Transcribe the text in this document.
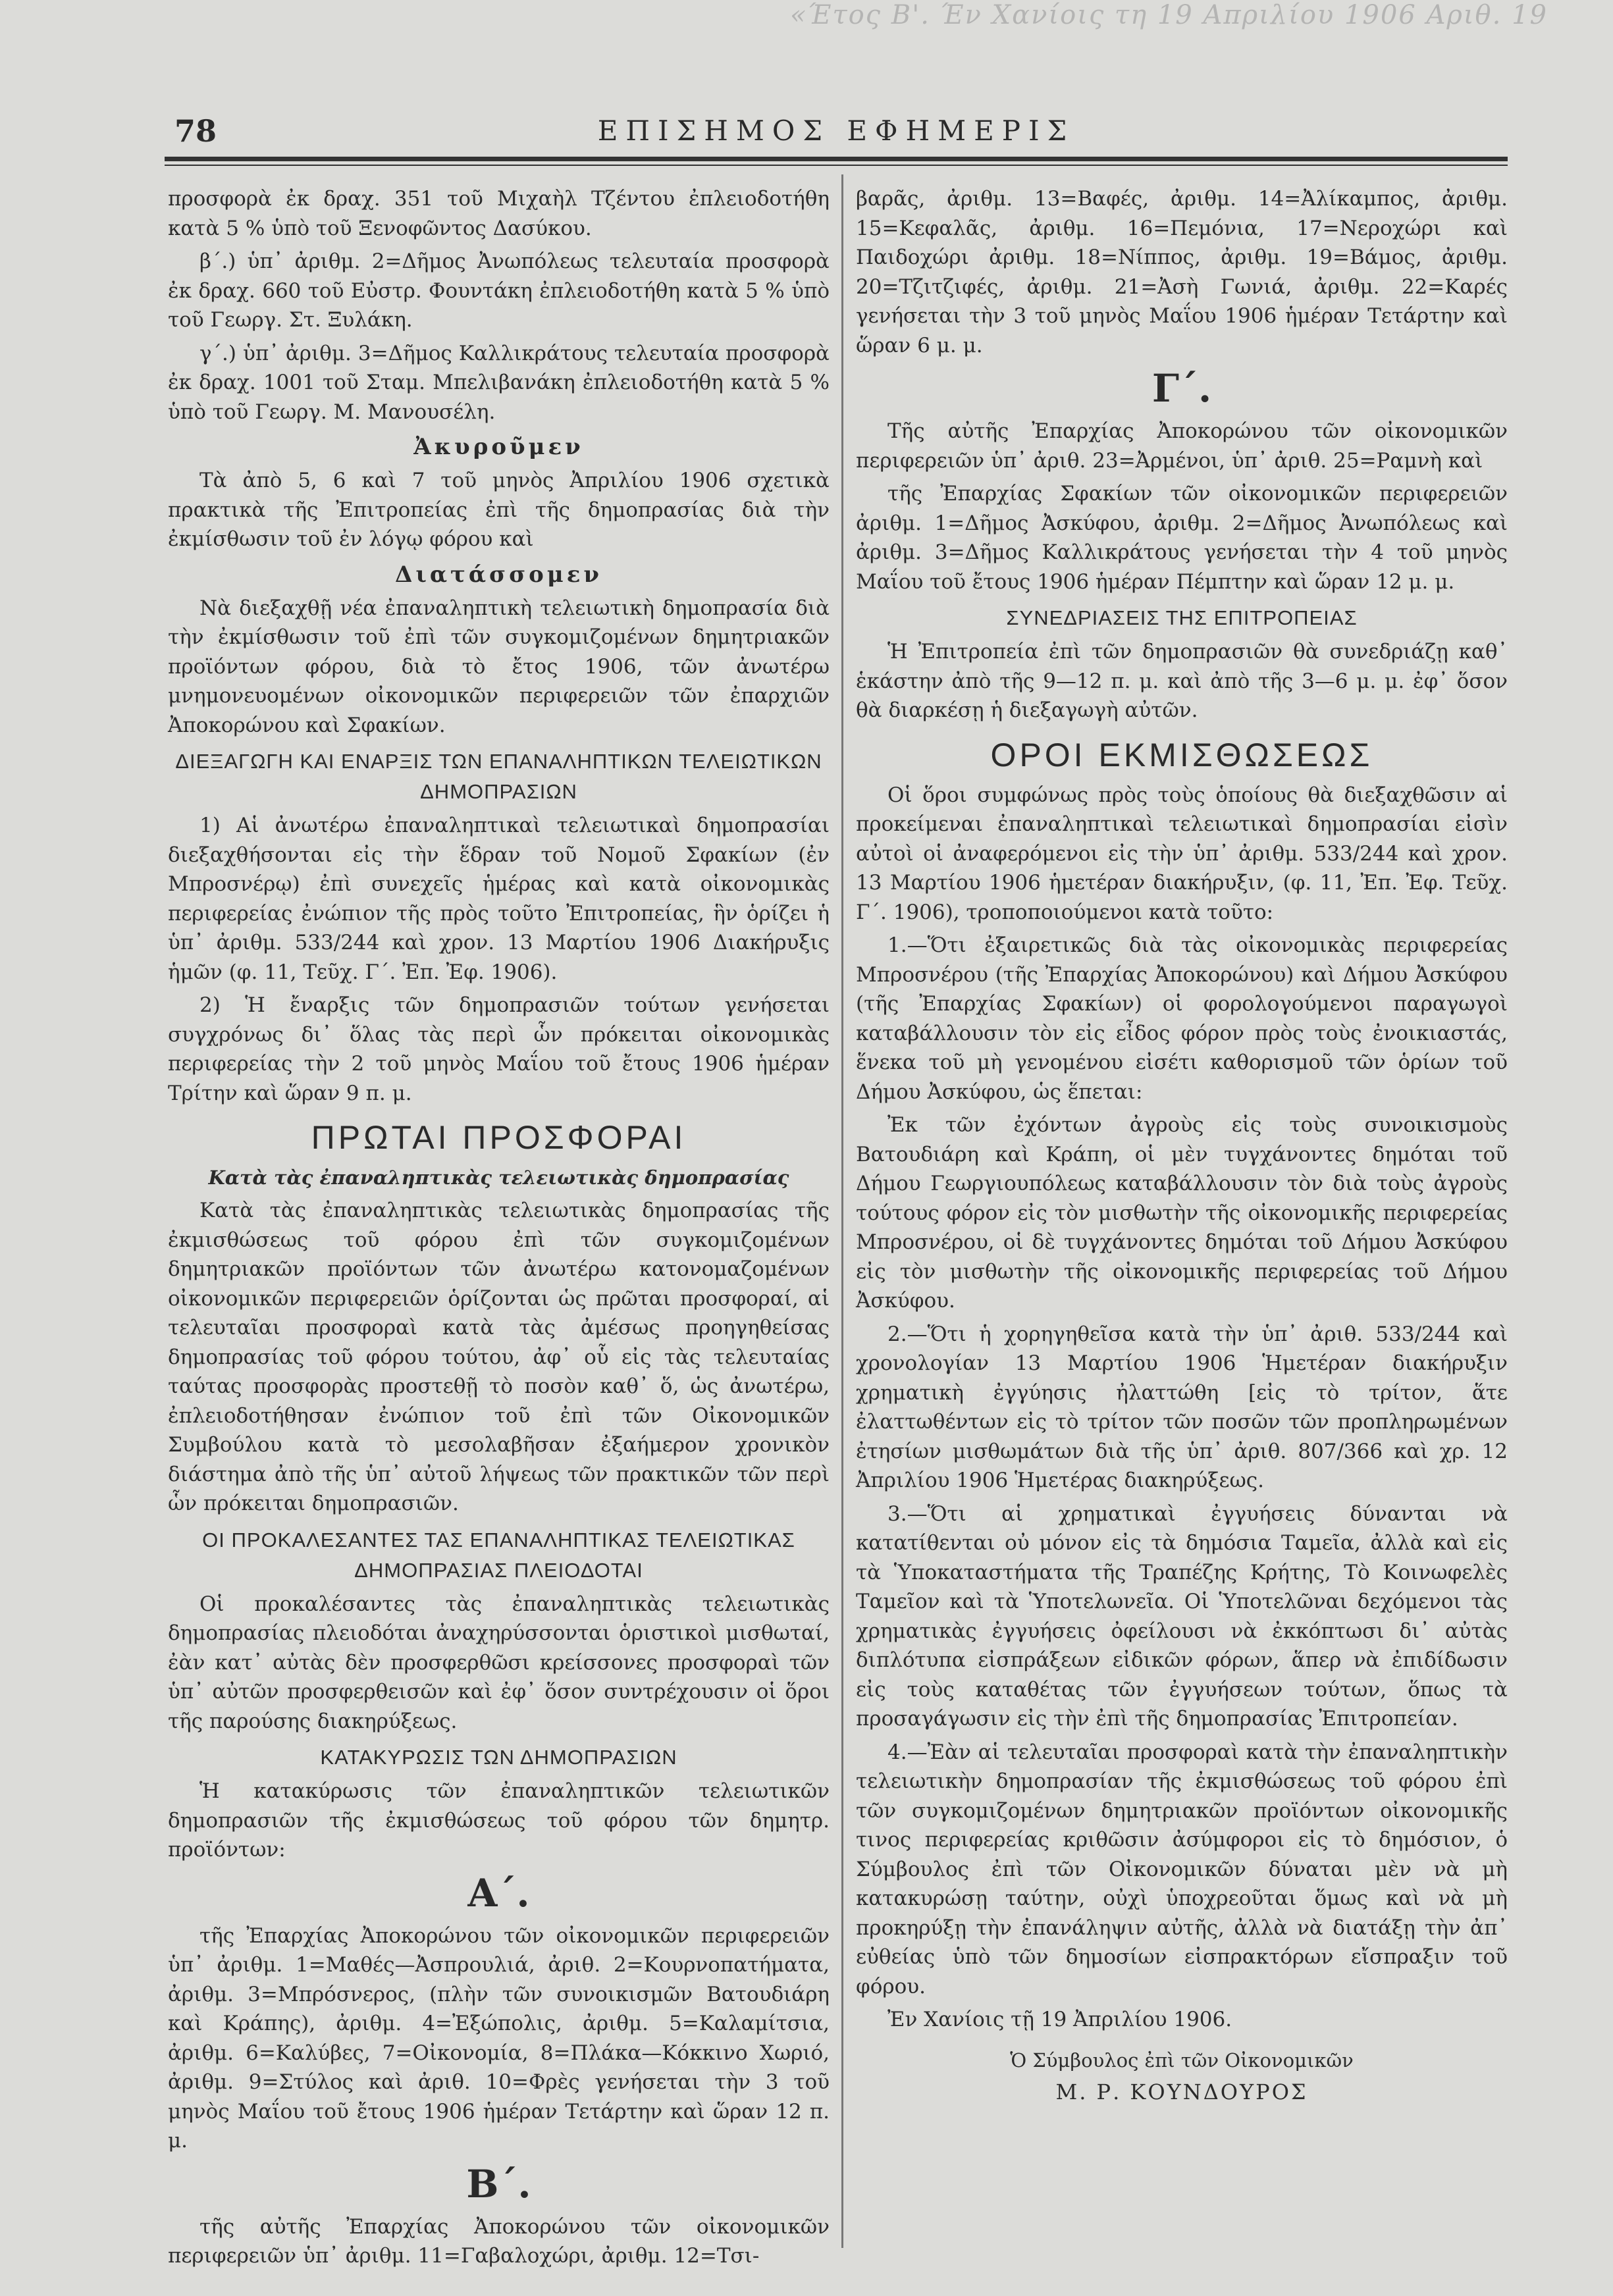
«Έτος Β'. Έν Χανίοις τη 19 Απριλίου 1906 Αριθ. 19
78	ΕΠΙΣΗΜΟΣ ΕΦΗΜΕΡΙΣ

προσφορὰ ἐκ δραχ. 351 τοῦ Μιχαὴλ Τζέντου ἐπλειοδοτήθη κατὰ 5 % ὑπὸ τοῦ Ξενοφῶντος Δασύκου.

β΄.) ὑπ᾽ ἀριθμ. 2=Δῆμος Ἀνωπόλεως τελευταία προσφορὰ ἐκ δραχ. 660 τοῦ Εὐστρ. Φουντάκη ἐπλειοδοτήθη κατὰ 5 % ὑπὸ τοῦ Γεωργ. Στ. Ξυλάκη.

γ΄.) ὑπ᾽ ἀριθμ. 3=Δῆμος Καλλικράτους τελευταία προσφορὰ ἐκ δραχ. 1001 τοῦ Σταμ. Μπελιβανάκη ἐπλειοδοτήθη κατὰ 5 % ὑπὸ τοῦ Γεωργ. Μ. Μανουσέλη.

Ἀκυροῦμεν

Τὰ ἀπὸ 5, 6 καὶ 7 τοῦ μηνὸς Ἀπριλίου 1906 σχετικὰ πρακτικὰ τῆς Ἐπιτροπείας ἐπὶ τῆς δημοπρασίας διὰ τὴν ἐκμίσθωσιν τοῦ ἐν λόγῳ φόρου καὶ

Διατάσσομεν

Νὰ διεξαχθῇ νέα ἐπαναληπτικὴ τελειωτικὴ δημοπρασία διὰ τὴν ἐκμίσθωσιν τοῦ ἐπὶ τῶν συγκομιζομένων δημητριακῶν προϊόντων φόρου, διὰ τὸ ἔτος 1906, τῶν ἀνωτέρω μνημονευομένων οἰκονομικῶν περιφερειῶν τῶν ἐπαρχιῶν Ἀποκορώνου καὶ Σφακίων.

ΔΙΕΞΑΓΩΓΗ ΚΑΙ ΕΝΑΡΞΙΣ ΤΩΝ ΕΠΑΝΑΛΗΠΤΙΚΩΝ ΤΕΛΕΙΩΤΙΚΩΝ ΔΗΜΟΠΡΑΣΙΩΝ

1) Αἱ ἀνωτέρω ἐπαναληπτικαὶ τελειωτικαὶ δημοπρασίαι διεξαχθήσονται εἰς τὴν ἕδραν τοῦ Νομοῦ Σφακίων (ἐν Μπροσνέρῳ) ἐπὶ συνεχεῖς ἡμέρας καὶ κατὰ οἰκονομικὰς περιφερείας ἐνώπιον τῆς πρὸς τοῦτο Ἐπιτροπείας, ἣν ὁρίζει ἡ ὑπ᾽ ἀριθμ. 533/244 καὶ χρον. 13 Μαρτίου 1906 Διακήρυξις ἡμῶν (φ. 11, Τεῦχ. Γ΄. Ἐπ. Ἐφ. 1906).

2) Ἡ ἔναρξις τῶν δημοπρασιῶν τούτων γενήσεται συγχρόνως δι᾽ ὅλας τὰς περὶ ὧν πρόκειται οἰκονομικὰς περιφερείας τὴν 2 τοῦ μηνὸς Μαΐου τοῦ ἔτους 1906 ἡμέραν Τρίτην καὶ ὥραν 9 π. μ.

ΠΡΩΤΑΙ ΠΡΟΣΦΟΡΑΙ

Κατὰ τὰς ἐπαναληπτικὰς τελειωτικὰς δημοπρασίας

Κατὰ τὰς ἐπαναληπτικὰς τελειωτικὰς δημοπρασίας τῆς ἐκμισθώσεως τοῦ φόρου ἐπὶ τῶν συγκομιζομένων δημητριακῶν προϊόντων τῶν ἀνωτέρω κατονομαζομένων οἰκονομικῶν περιφερειῶν ὁρίζονται ὡς πρῶται προσφοραί, αἱ τελευταῖαι προσφοραὶ κατὰ τὰς ἀμέσως προηγηθείσας δημοπρασίας τοῦ φόρου τούτου, ἀφ᾽ οὗ εἰς τὰς τελευταίας ταύτας προσφορὰς προστεθῇ τὸ ποσὸν καθ᾽ ὅ, ὡς ἀνωτέρω, ἐπλειοδοτήθησαν ἐνώπιον τοῦ ἐπὶ τῶν Οἰκονομικῶν Συμβούλου κατὰ τὸ μεσολαβῆσαν ἐξαήμερον χρονικὸν διάστημα ἀπὸ τῆς ὑπ᾽ αὐτοῦ λήψεως τῶν πρακτικῶν τῶν περὶ ὧν πρόκειται δημοπρασιῶν.

ΟΙ ΠΡΟΚΑΛΕΣΑΝΤΕΣ ΤΑΣ ΕΠΑΝΑΛΗΠΤΙΚΑΣ ΤΕΛΕΙΩΤΙΚΑΣ ΔΗΜΟΠΡΑΣΙΑΣ ΠΛΕΙΟΔΟΤΑΙ

Οἱ προκαλέσαντες τὰς ἐπαναληπτικὰς τελειωτικὰς δημοπρασίας πλειοδόται ἀναχηρύσσονται ὁριστικοὶ μισθωταί, ἐὰν κατ᾽ αὐτὰς δὲν προσφερθῶσι κρείσσονες προσφοραὶ τῶν ὑπ᾽ αὐτῶν προσφερθεισῶν καὶ ἐφ᾽ ὅσον συντρέχουσιν οἱ ὅροι τῆς παρούσης διακηρύξεως.

ΚΑΤΑΚΥΡΩΣΙΣ ΤΩΝ ΔΗΜΟΠΡΑΣΙΩΝ

Ἡ κατακύρωσις τῶν ἐπαναληπτικῶν τελειωτικῶν δημοπρασιῶν τῆς ἐκμισθώσεως τοῦ φόρου τῶν δημητρ. προϊόντων:

Α΄.

τῆς Ἐπαρχίας Ἀποκορώνου τῶν οἰκονομικῶν περιφερειῶν ὑπ᾽ ἀριθμ. 1=Μαθές—Ἀσπρουλιά, ἀριθ. 2=Κουρνοπατήματα, ἀριθμ. 3=Μπρόσνερος, (πλὴν τῶν συνοικισμῶν Βατουδιάρη καὶ Κράπης), ἀριθμ. 4=Ἐξώπολις, ἀριθμ. 5=Καλαμίτσια, ἀριθμ. 6=Καλύβες, 7=Οἰκονομία, 8=Πλάκα—Κόκκινο Χωριό, ἀριθμ. 9=Στύλος καὶ ἀριθ. 10=Φρὲς γενήσεται τὴν 3 τοῦ μηνὸς Μαΐου τοῦ ἔτους 1906 ἡμέραν Τετάρτην καὶ ὥραν 12 π. μ.

Β΄.

τῆς αὐτῆς Ἐπαρχίας Ἀποκορώνου τῶν οἰκονομικῶν περιφερειῶν ὑπ᾽ ἀριθμ. 11=Γαβαλοχώρι, ἀριθμ. 12=Τσι-

βαρᾶς, ἀριθμ. 13=Βαφές, ἀριθμ. 14=Ἀλίκαμπος, ἀριθμ. 15=Κεφαλᾶς, ἀριθμ. 16=Πεμόνια, 17=Νεροχώρι καὶ Παιδοχώρι ἀριθμ. 18=Νίππος, ἀριθμ. 19=Βάμος, ἀριθμ. 20=Τζιτζιφές, ἀριθμ. 21=Ἀσὴ Γωνιά, ἀριθμ. 22=Καρές γενήσεται τὴν 3 τοῦ μηνὸς Μαΐου 1906 ἡμέραν Τετάρτην καὶ ὥραν 6 μ. μ.

Γ΄.

Τῆς αὐτῆς Ἐπαρχίας Ἀποκορώνου τῶν οἰκονομικῶν περιφερειῶν ὑπ᾽ ἀριθ. 23=Ἀρμένοι, ὑπ᾽ ἀριθ. 25=Ραμνὴ καὶ

τῆς Ἐπαρχίας Σφακίων τῶν οἰκονομικῶν περιφερειῶν ἀριθμ. 1=Δῆμος Ἀσκύφου, ἀριθμ. 2=Δῆμος Ἀνωπόλεως καὶ ἀριθμ. 3=Δῆμος Καλλικράτους γενήσεται τὴν 4 τοῦ μηνὸς Μαΐου τοῦ ἔτους 1906 ἡμέραν Πέμπτην καὶ ὥραν 12 μ. μ.

ΣΥΝΕΔΡΙΑΣΕΙΣ ΤΗΣ ΕΠΙΤΡΟΠΕΙΑΣ

Ἡ Ἐπιτροπεία ἐπὶ τῶν δημοπρασιῶν θὰ συνεδριάζῃ καθ᾽ ἑκάστην ἀπὸ τῆς 9—12 π. μ. καὶ ἀπὸ τῆς 3—6 μ. μ. ἐφ᾽ ὅσον θὰ διαρκέσῃ ἡ διεξαγωγὴ αὐτῶν.

ΟΡΟΙ ΕΚΜΙΣΘΩΣΕΩΣ

Οἱ ὅροι συμφώνως πρὸς τοὺς ὁποίους θὰ διεξαχθῶσιν αἱ προκείμεναι ἐπαναληπτικαὶ τελειωτικαὶ δημοπρασίαι εἰσὶν αὐτοὶ οἱ ἀναφερόμενοι εἰς τὴν ὑπ᾽ ἀριθμ. 533/244 καὶ χρον. 13 Μαρτίου 1906 ἡμετέραν διακήρυξιν, (φ. 11, Ἐπ. Ἐφ. Τεῦχ. Γ΄. 1906), τροποποιούμενοι κατὰ τοῦτο:

1.—Ὅτι ἐξαιρετικῶς διὰ τὰς οἰκονομικὰς περιφερείας Μπροσνέρου (τῆς Ἐπαρχίας Ἀποκορώνου) καὶ Δήμου Ἀσκύφου (τῆς Ἐπαρχίας Σφακίων) οἱ φορολογούμενοι παραγωγοὶ καταβάλλουσιν τὸν εἰς εἶδος φόρον πρὸς τοὺς ἐνοικιαστάς, ἕνεκα τοῦ μὴ γενομένου εἰσέτι καθορισμοῦ τῶν ὁρίων τοῦ Δήμου Ἀσκύφου, ὡς ἕπεται:

Ἐκ τῶν ἐχόντων ἀγροὺς εἰς τοὺς συνοικισμοὺς Βατουδιάρη καὶ Κράπη, οἱ μὲν τυγχάνοντες δημόται τοῦ Δήμου Γεωργιουπόλεως καταβάλλουσιν τὸν διὰ τοὺς ἀγροὺς τούτους φόρον εἰς τὸν μισθωτὴν τῆς οἰκονομικῆς περιφερείας Μπροσνέρου, οἱ δὲ τυγχάνοντες δημόται τοῦ Δήμου Ἀσκύφου εἰς τὸν μισθωτὴν τῆς οἰκονομικῆς περιφερείας τοῦ Δήμου Ἀσκύφου.

2.—Ὅτι ἡ χορηγηθεῖσα κατὰ τὴν ὑπ᾽ ἀριθ. 533/244 καὶ χρονολογίαν 13 Μαρτίου 1906 Ἡμετέραν διακήρυξιν χρηματικὴ ἐγγύησις ἠλαττώθη [εἰς τὸ τρίτον, ἅτε ἐλαττωθέντων εἰς τὸ τρίτον τῶν ποσῶν τῶν προπληρωμένων ἐτησίων μισθωμάτων διὰ τῆς ὑπ᾽ ἀριθ. 807/366 καὶ χρ. 12 Ἀπριλίου 1906 Ἡμετέρας διακηρύξεως.

3.—Ὅτι αἱ χρηματικαὶ ἐγγυήσεις δύνανται νὰ κατατίθενται οὐ μόνον εἰς τὰ δημόσια Ταμεῖα, ἀλλὰ καὶ εἰς τὰ Ὑποκαταστήματα τῆς Τραπέζης Κρήτης, Τὸ Κοινωφελὲς Ταμεῖον καὶ τὰ Ὑποτελωνεῖα. Οἱ Ὑποτελῶναι δεχόμενοι τὰς χρηματικὰς ἐγγυήσεις ὀφείλουσι νὰ ἐκκόπτωσι δι᾽ αὐτὰς διπλότυπα εἰσπράξεων εἰδικῶν φόρων, ἅπερ νὰ ἐπιδίδωσιν εἰς τοὺς καταθέτας τῶν ἐγγυήσεων τούτων, ὅπως τὰ προσαγάγωσιν εἰς τὴν ἐπὶ τῆς δημοπρασίας Ἐπιτροπείαν.

4.—Ἐὰν αἱ τελευταῖαι προσφοραὶ κατὰ τὴν ἐπαναληπτικὴν τελειωτικὴν δημοπρασίαν τῆς ἐκμισθώσεως τοῦ φόρου ἐπὶ τῶν συγκομιζομένων δημητριακῶν προϊόντων οἰκονομικῆς τινος περιφερείας κριθῶσιν ἀσύμφοροι εἰς τὸ δημόσιον, ὁ Σύμβουλος ἐπὶ τῶν Οἰκονομικῶν δύναται μὲν νὰ μὴ κατακυρώσῃ ταύτην, οὐχὶ ὑποχρεοῦται ὅμως καὶ νὰ μὴ προκηρύξῃ τὴν ἐπανάληψιν αὐτῆς, ἀλλὰ νὰ διατάξῃ τὴν ἀπ᾽ εὐθείας ὑπὸ τῶν δημοσίων εἰσπρακτόρων εἴσπραξιν τοῦ φόρου.

Ἐν Χανίοις τῇ 19 Ἀπριλίου 1906.

Ὁ Σύμβουλος ἐπὶ τῶν Οἰκονομικῶν

Μ. Ρ. ΚΟΥΝΔΟΥΡΟΣ
